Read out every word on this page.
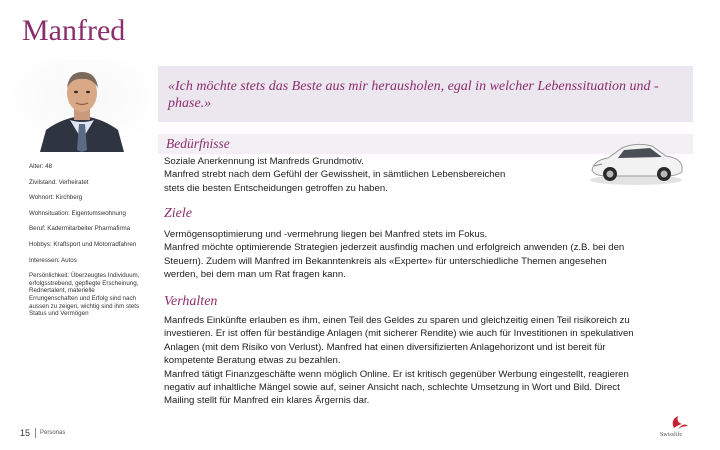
Manfred
«Ich möchte stets das Beste aus mir herausholen, egal in welcher Lebenssituation und -phase.»
Bedürfnisse
Soziale Anerkennung ist Manfreds Grundmotiv.
Manfred strebt nach dem Gefühl der Gewissheit, in sämtlichen Lebensbereichen
stets die besten Entscheidungen getroffen zu haben.
Ziele
Vermögensoptimierung und -vermehrung liegen bei Manfred stets im Fokus.
Manfred möchte optimierende Strategien jederzeit ausfindig machen und erfolgreich anwenden (z.B. bei den
Steuern). Zudem will Manfred im Bekanntenkreis als «Experte» für unterschiedliche Themen angesehen
werden, bei dem man um Rat fragen kann.
Verhalten
Manfreds Einkünfte erlauben es ihm, einen Teil des Geldes zu sparen und gleichzeitig einen Teil risikoreich zu
investieren. Er ist offen für beständige Anlagen (mit sicherer Rendite) wie auch für Investitionen in spekulativen
Anlagen (mit dem Risiko von Verlust). Manfred hat einen diversifizierten Anlagehorizont und ist bereit für
kompetente Beratung etwas zu bezahlen.
Manfred tätigt Finanzgeschäfte wenn möglich Online. Er ist kritisch gegenüber Werbung eingestellt, reagieren
negativ auf inhaltliche Mängel sowie auf, seiner Ansicht nach, schlechte Umsetzung in Wort und Bild. Direct
Mailing stellt für Manfred ein klares Ärgernis dar.

Alter: 48

Zivilstand: Verheiratet

Wohnort: Kirchberg

Wohnsituation: Eigentumswohnung

Beruf: Kadermitarbeiter Pharmafirma

Hobbys: Kraftsport und Motorradfahren

Interessen: Autos

Persönlichkeit: Überzeugtes Individuum, erfolgsstrebend, gepflegte Erscheinung, Rednertalent, materielle Errungenschaften und Erfolg sind nach aussen zu zeigen, wichtig sind ihm stets Status und Vermögen

15 Personas	Swisslife
